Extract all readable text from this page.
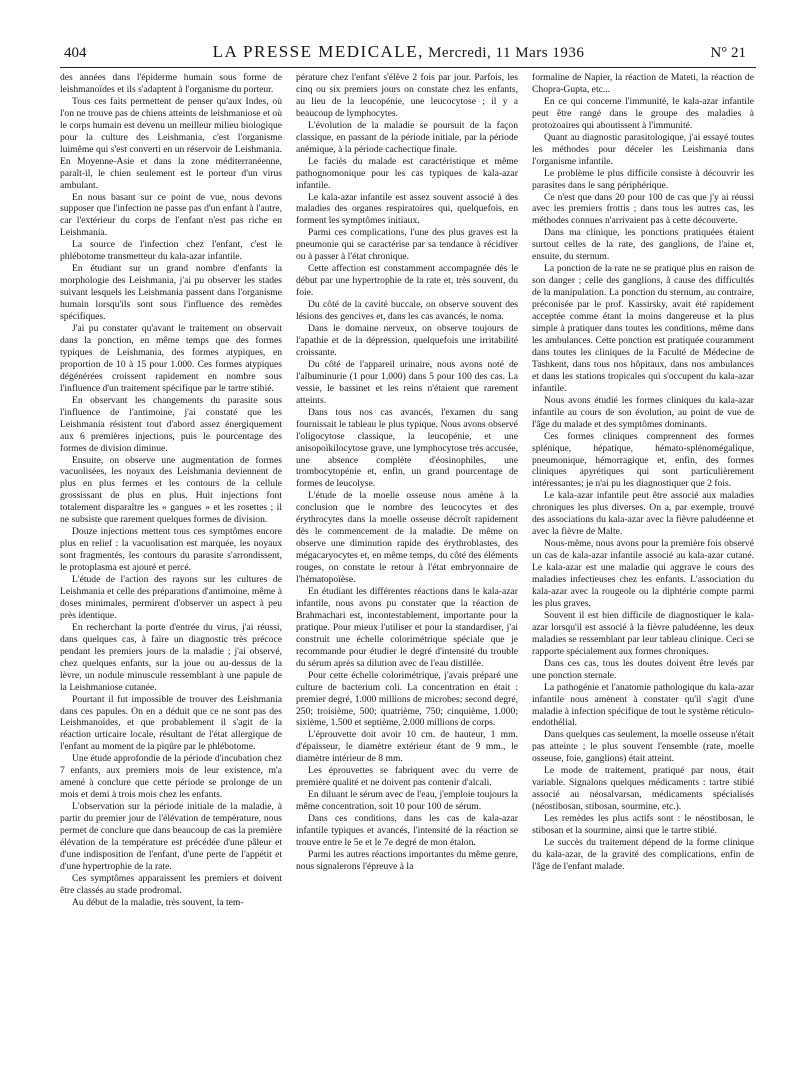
404	LA PRESSE MEDICALE, Mercredi, 11 Mars 1936	N° 21

des années dans l'épiderme humain sous forme de leishmanoïdes et ils s'adaptent à l'organisme du porteur.

Tous ces faits permettent de penser qu'aux Indes, où l'on ne trouve pas de chiens atteints de leishmaniose et où le corps humain est devenu un meilleur milieu biologique pour la culture des Leishmania, c'est l'organisme luimême qui s'est converti en un réservoir de Leishmania. En Moyenne-Asie et dans la zone méditerranéenne, paraît-il, le chien seulement est le porteur d'un virus ambulant.

En nous basant sur ce point de vue, nous devons supposer que l'infection ne passe pas d'un enfant à l'autre, car l'extérieur du corps de l'enfant n'est pas riche en Leishmania.

La source de l'infection chez l'enfant, c'est le phlébotome transmetteur du kala-azar infantile.

En étudiant sur un grand nombre d'enfants la morphologie des Leishmania, j'ai pu observer les stades suivant lesquels les Leishmania passent dans l'organisme humain lorsqu'ils sont sous l'influence des remèdes spécifiques.

J'ai pu constater qu'avant le traitement on observait dans la ponction, en même temps que des formes typiques de Leishmania, des formes atypiques, en proportion de 10 à 15 pour 1.000. Ces formes atypiques dégénérées croissent rapidement en nombre sous l'influence d'un traitement spécifique par le tartre stibié.

En observant les changements du parasite sous l'influence de l'antimoine, j'ai constaté que les Leishmania résistent tout d'abord assez énergiquement aux 6 premières injections, puis le pourcentage des formes de division diminue.

Ensuite, on observe une augmentation de formes vacuolisées, les noyaux des Leishmania deviennent de plus en plus fermes et les contours de la cellule grossissant de plus en plus. Huit injections font totalement disparaître les « gangues » et les rosettes ; il ne subsiste que rarement quelques formes de division.

Douze injections mettent tous ces symptômes encore plus en relief : la vacuolisation est marquée, les noyaux sont fragmentés, les contours du parasite s'arrondissent, le protoplasma est ajouré et percé.

L'étude de l'action des rayons sur les cultures de Leishmania et celle des préparations d'antimoine, même à doses minimales, permirent d'observer un aspect à peu près identique.

En recherchant la porte d'entrée du virus, j'ai réussi, dans quelques cas, à faire un diagnostic très précoce pendant les premiers jours de la maladie ; j'ai observé, chez quelques enfants, sur la joue ou au-dessus de la lèvre, un nodule minuscule ressemblant à une papule de la Leishmaniose cutanée.

Pourtant il fut impossible de trouver des Leishmania dans ces papules. On en a déduit que ce ne sont pas des Leishmanoïdes, et que probablement il s'agit de la réaction urticaire locale, résultant de l'état allergique de l'enfant au moment de la piqûre par le phlébotome.

Une étude approfondie de la période d'incubation chez 7 enfants, aux premiers mois de leur existence, m'a amené à conclure que cette période se prolonge de un mois et demi à trois mois chez les enfants.

L'observation sur la période initiale de la maladie, à partir du premier jour de l'élévation de température, nous permet de conclure que dans beaucoup de cas la première élévation de la température est précédée d'une pâleur et d'une indisposition de l'enfant, d'une perte de l'appétit et d'une hypertrophie de la rate.

Ces symptômes apparaissent les premiers et doivent être classés au stade prodromal.

Au début de la maladie, très souvent, la tem-

pérature chez l'enfant s'élève 2 fois par jour. Parfois, les cinq ou six premiers jours on constate chez les enfants, au lieu de la leucopénie, une leucocytose ; il y a beaucoup de lymphocytes.

L'évolution de la maladie se poursuit de la façon classique, en passant de la période initiale, par la période anémique, à la période cachectique finale.

Le faciès du malade est caractéristique et même pathognomonique pour les cas typiques de kala-azar infantile.

Le kala-azar infantile est assez souvent associé à des maladies des organes respiratoires qui, quelquefois, en forment les symptômes initiaux.

Parmi ces complications, l'une des plus graves est la pneumonie qui se caractérise par sa tendance à récidiver ou à passer à l'état chronique.

Cette affection est constamment accompagnée dès le début par une hypertrophie de la rate et, très souvent, du foie.

Du côté de la cavité buccale, on observe souvent des lésions des gencives et, dans les cas avancés, le noma.

Dans le domaine nerveux, on observe toujours de l'apathie et de la dépression, quelquefois une irritabilité croissante.

Du côté de l'appareil urinaire, nous avons noté de l'albuminurie (1 pour 1.000) dans 5 pour 100 des cas. La vessie, le bassinet et les reins n'étaient que rarement atteints.

Dans tous nos cas avancés, l'examen du sang fournissait le tableau le plus typique. Nous avons observé l'oligocytose classique, la leucopénie, et une anisopoïkilocytose grave, une lymphocytose très accusée, une absence complète d'éosinophiles, une trombocytopénie et, enfin, un grand pourcentage de formes de leucolyse.

L'étude de la moelle osseuse nous amène à la conclusion que le nombre des leucocytes et des érythrocytes dans la moelle osseuse décroît rapidement dès le commencement de la maladie. De même on observe une diminution rapide des érythroblastes, des mégacaryocytes et, en même temps, du côté des éléments rouges, on constate le retour à l'état embryonnaire de l'hématopoïèse.

En étudiant les différentes réactions dans le kala-azar infantile, nous avons pu constater que la réaction de Brahmachari est, incontestablement, importante pour la pratique. Pour mieux l'utiliser et pour la standardiser, j'ai construit une échelle colorimétrique spéciale que je recommande pour étudier le degré d'intensité du trouble du sérum après sa dilution avec de l'eau distillée.

Pour cette échelle colorimétrique, j'avais préparé une culture de bacterium coli. La concentration en était : premier degré, 1.000 millions de microbes; second degré, 250; troisième, 500; quatrième, 750; cinquième, 1.000; sixième, 1.500 et septième, 2.000 millions de corps.

L'éprouvette doit avoir 10 cm. de hauteur, 1 mm. d'épaisseur, le diamètre extérieur étant de 9 mm., le diamètre intérieur de 8 mm.

Les éprouvettes se fabriquent avec du verre de première qualité et ne doivent pas contenir d'alcali.

En diluant le sérum avec de l'eau, j'emploie toujours la même concentration, soit 10 pour 100 de sérum.

Dans ces conditions, dans les cas de kala-azar infantile typiques et avancés, l'intensité de la réaction se trouve entre le 5e et le 7e degré de mon étalon.

Parmi les autres réactions importantes du même genre, nous signalerons l'épreuve à la

formaline de Napier, la réaction de Mateti, la réaction de Chopra-Gupta, etc...

En ce qui concerne l'immunité, le kala-azar infantile peut être rangé dans le groupe des maladies à protozoaires qui aboutissent à l'immunité.

Quant au diagnostic parasitologique, j'ai essayé toutes les méthodes pour déceler les Leishmania dans l'organisme infantile.

Le problème le plus difficile consiste à découvrir les parasites dans le sang périphérique.

Ce n'est que dans 20 pour 100 de cas que j'y ai réussi avec les premiers frottis ; dans tous les autres cas, les méthodes connues n'arrivaient pas à cette découverte.

Dans ma clinique, les ponctions pratiquées étaient surtout celles de la rate, des ganglions, de l'aine et, ensuite, du sternum.

La ponction de la rate ne se pratique plus en raison de son danger ; celle des ganglions, à cause des difficultés de la manipulation. La ponction du sternum, au contraire, préconisée par le prof. Kassirsky, avait été rapidement acceptée comme étant la moins dangereuse et la plus simple à pratiquer dans toutes les conditions, même dans les ambulances. Cette ponction est pratiquée couramment dans toutes les cliniques de la Faculté de Médecine de Tashkent, dans tous nos hôpitaux, dans nos ambulances et dans les stations tropicales qui s'occupent du kala-azar infantile.

Nous avons étudié les formes cliniques du kala-azar infantile au cours de son évolution, au point de vue de l'âge du malade et des symptômes dominants.

Ces formes cliniques comprennent des formes splénique, hépatique, hémato-splénomégalique, pneumonique, hémorragique et, enfin, des formes cliniques apyrétiques qui sont particulièrement intéressantes; je n'ai pu les diagnostiquer que 2 fois.

Le kala-azar infantile peut être associé aux maladies chroniques les plus diverses. On a, par exemple, trouvé des associations du kala-azar avec la fièvre paludéenne et avec la fièvre de Malte.

Nous-même, nous avons pour la première fois observé un cas de kala-azar infantile associé au kala-azar cutané. Le kala-azar est une maladie qui aggrave le cours des maladies infectieuses chez les enfants. L'association du kala-azar avec la rougeole ou la diphtérie compte parmi les plus graves.

Souvent il est bien difficile de diagnostiquer le kala-azar lorsqu'il est associé à la fièvre paludéenne, les deux maladies se ressemblant par leur tableau clinique. Ceci se rapporte spécialement aux formes chroniques.

Dans ces cas, tous les doutes doivent être levés par une ponction sternale.

La pathogénie et l'anatomie pathologique du kala-azar infantile nous amènent à constater qu'il s'agit d'une maladie à infection spécifique de tout le système réticulo-endothélial.

Dans quelques cas seulement, la moelle osseuse n'était pas atteinte ; le plus souvent l'ensemble (rate, moelle osseuse, foie, ganglions) était atteint.

Le mode de traitement, pratiqué par nous, était variable. Signalons quelques médicaments : tartre stibié associé au néosalvarsan, médicaments spécialisés (néostibosan, stibosan, sourmine, etc.).

Les remèdes les plus actifs sont : le néostibosan, le stibosan et la sourmine, ainsi que le tartre stibié.

Le succès du traitement dépend de la forme clinique du kala-azar, de la gravité des complications, enfin de l'âge de l'enfant malade.
